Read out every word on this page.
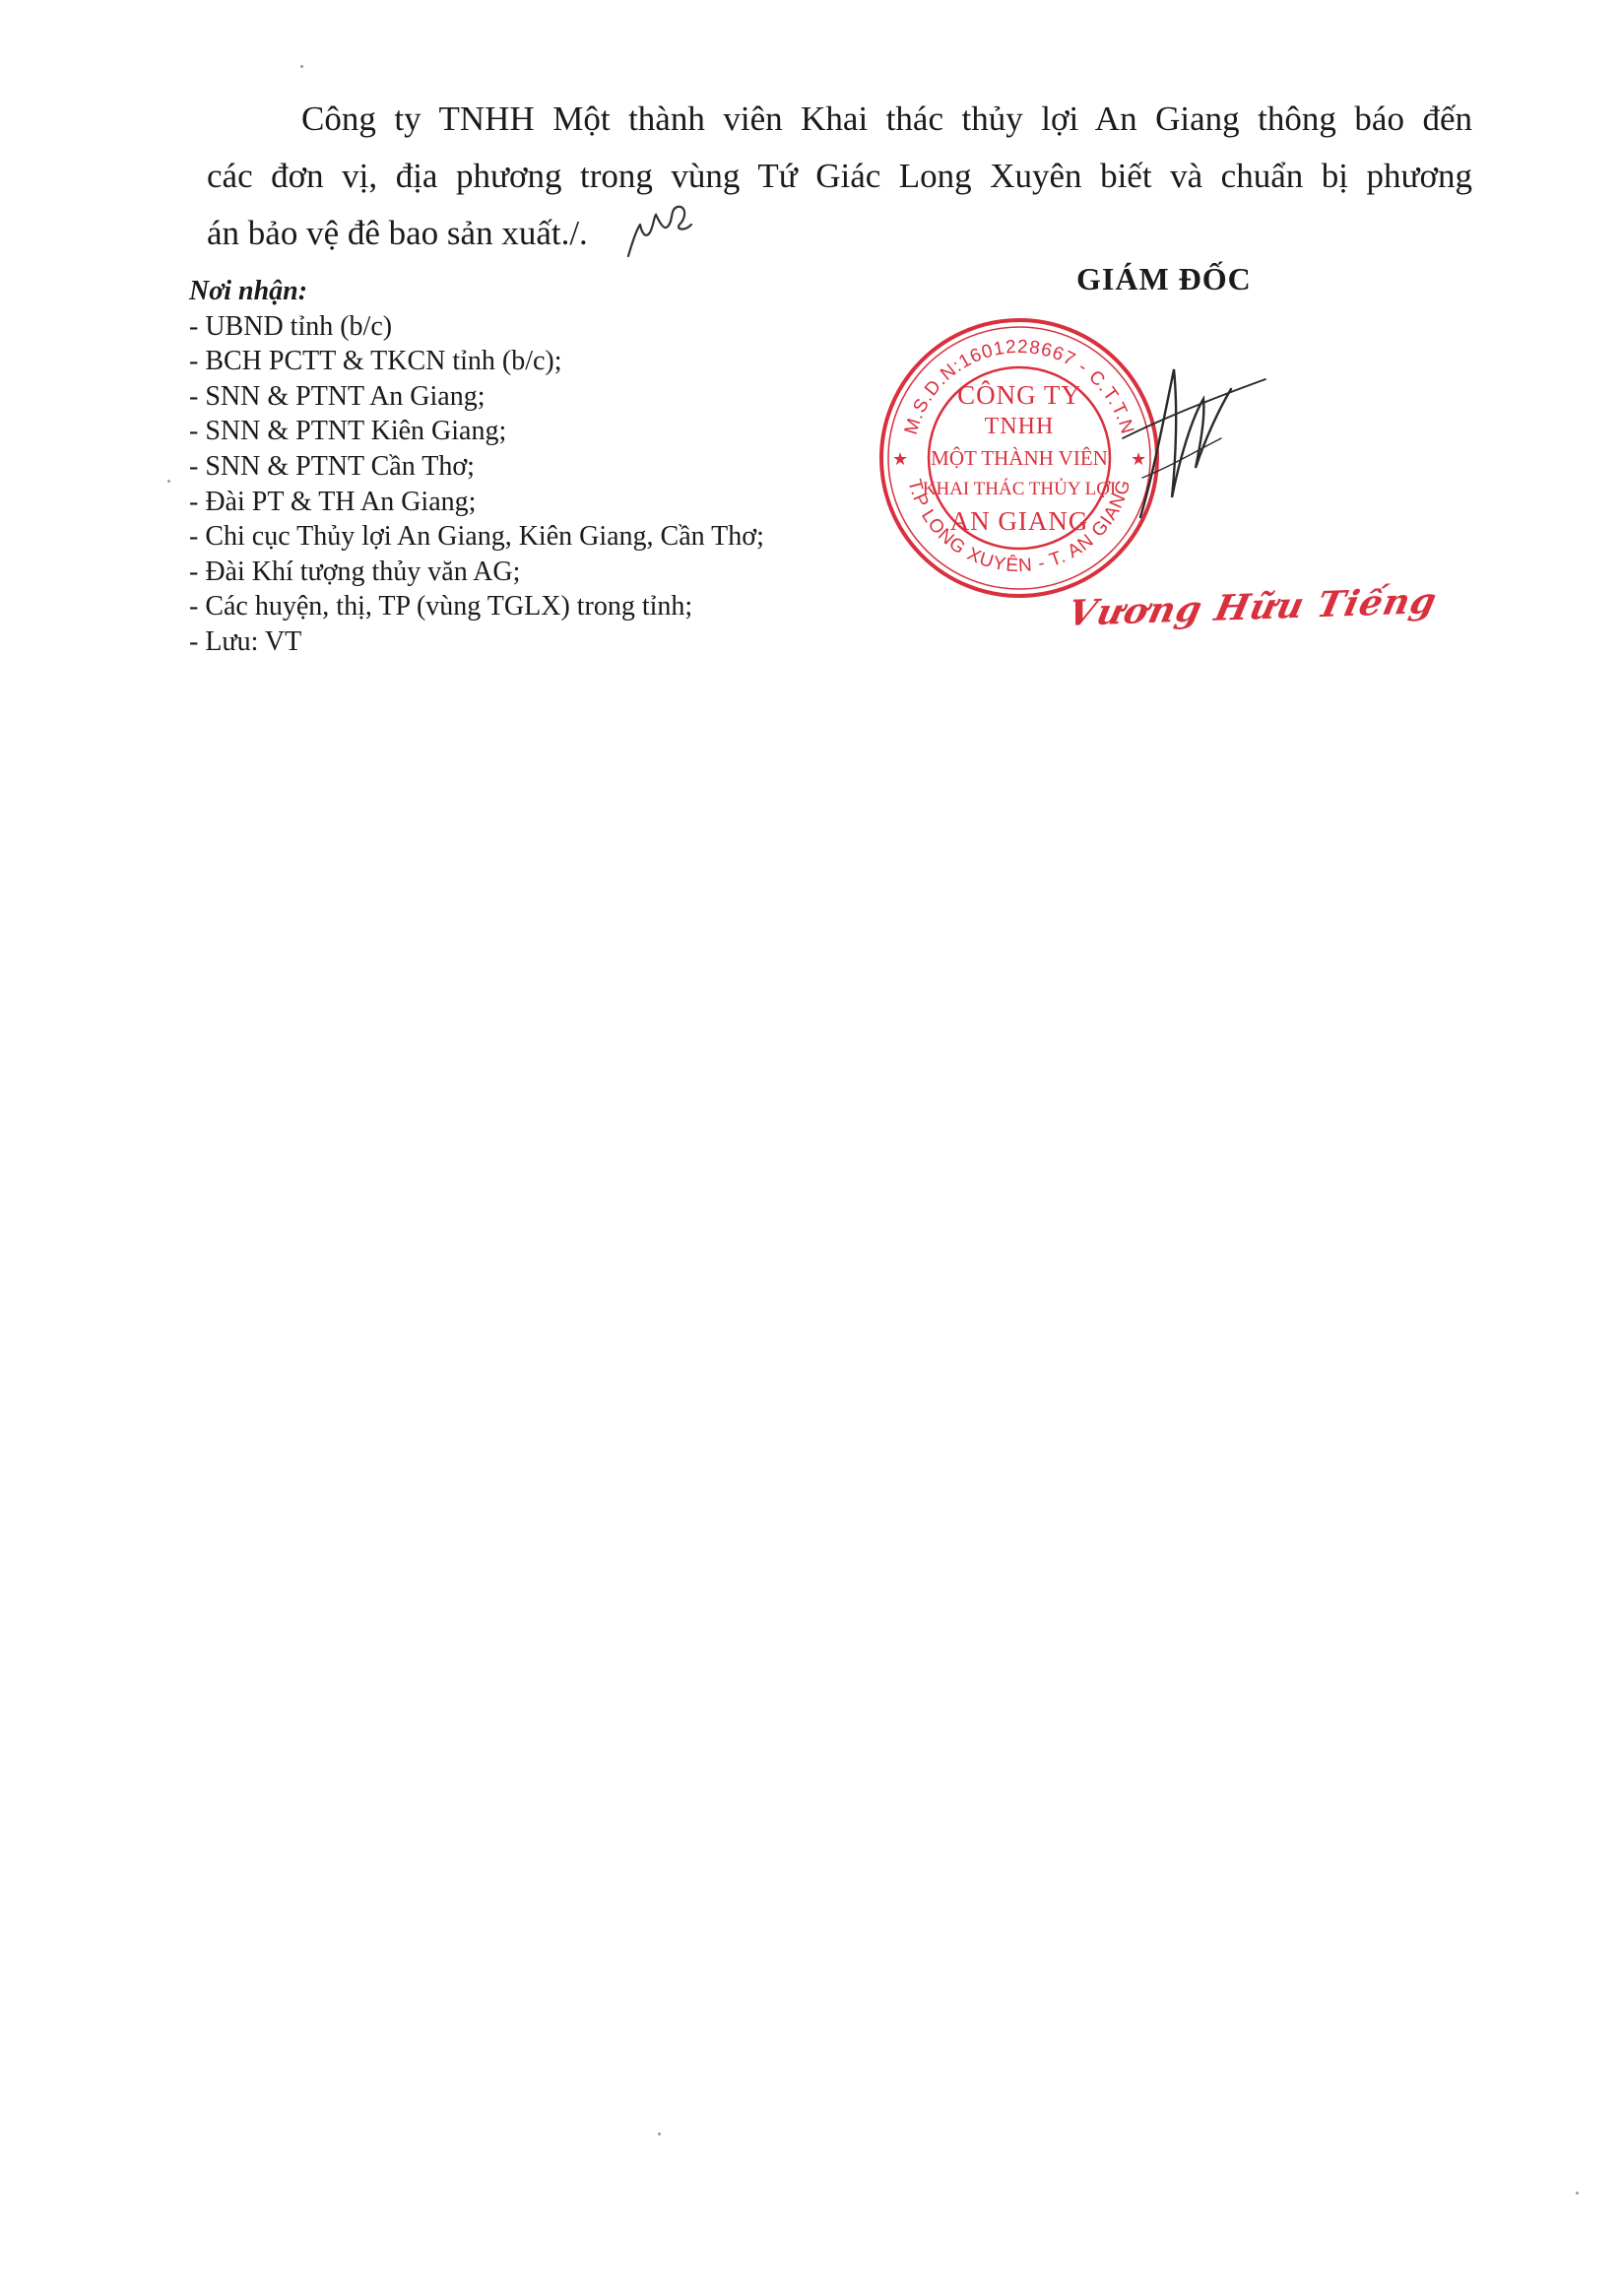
Công ty TNHH Một thành viên Khai thác thủy lợi An Giang thông báo đến
các đơn vị, địa phương trong vùng Tứ Giác Long Xuyên biết và chuẩn bị phương
án bảo vệ đê bao sản xuất./.
Nơi nhận:
- UBND tỉnh (b/c)
- BCH PCTT & TKCN tỉnh (b/c);
- SNN & PTNT An Giang;
- SNN & PTNT Kiên Giang;
- SNN & PTNT Cần Thơ;
- Đài PT & TH An Giang;
- Chi cục Thủy lợi An Giang, Kiên Giang, Cần Thơ;
- Đài Khí tượng thủy văn AG;
- Các huyện, thị, TP (vùng TGLX) trong tỉnh;
- Lưu: VT
GIÁM ĐỐC
M.S.D.N:1601228667 - C.T.T.N
T.P LONG XUYÊN - T. AN GIANG
★	★
CÔNG TY
TNHH
MỘT THÀNH VIÊN
KHAI THÁC THỦY LỢI
AN GIANG
Vương Hữu Tiếng
